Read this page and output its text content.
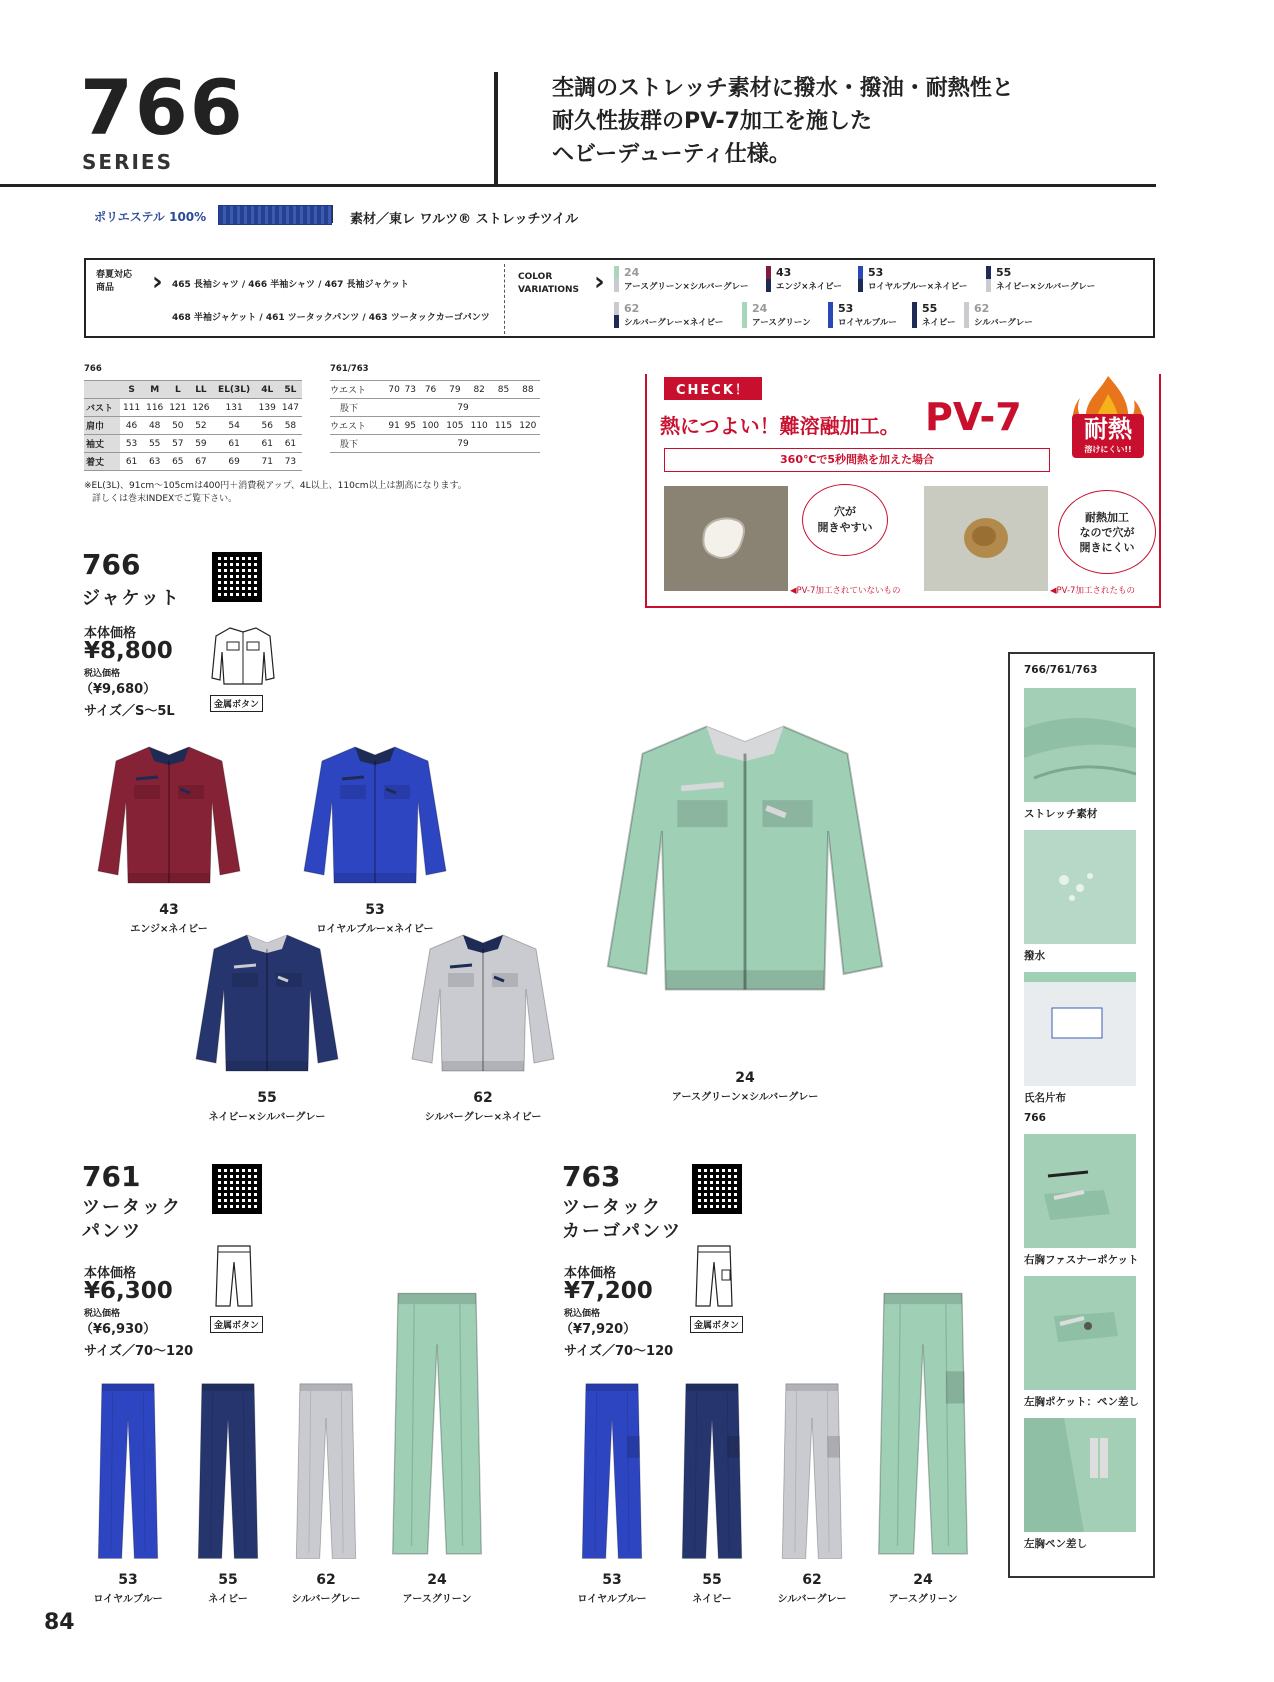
766
SERIES
杢調のストレッチ素材に撥水・撥油・耐熱性と
耐久性抜群のPV-7加工を施した
ヘビーデューティ仕様。
ポリエステル 100%	素材／東レ ワルツ® ストレッチツイル
春夏対応
商品	› 465 長袖シャツ / 466 半袖シャツ / 467 長袖ジャケット
468 半袖ジャケット / 461 ツータックパンツ / 463 ツータックカーゴパンツ
COLOR
VARIATIONS › 24
アースグリーン×シルバーグレー
43
エンジ×ネイビー
53
ロイヤルブルー×ネイビー
55
ネイビー×シルバーグレー
62
シルバーグレー×ネイビー
24
アースグリーン
53
ロイヤルブルー
55
ネイビー
62
シルバーグレー
766
	S	M	L	LL	EL(3L)	4L	5L
バスト	111	116	121	126	131	139	147
肩巾	46	48	50	52	54	56	58
袖丈	53	55	57	59	61	61	61
着丈	61	63	65	67	69	71	73
761/763
ウエスト	70	73	76	79	82	85	88
股下	79						
ウエスト	91	95	100	105	110	115	120
股下	79						
※EL(3L)、91cm～105cmは400円＋消費税アップ、4L以上、110cm以上は割高になります。
詳しくは巻末INDEXでご覧下さい。
CHECK！
熱につよい！難溶融加工。 PV-7	耐熱
溶けにくい!!
360℃で5秒間熱を加えた場合
穴が
開きやすい
◀PV-7加工されていないもの
耐熱加工
なので穴が
開きにくい
◀PV-7加工されたもの
766
ジャケット
本体価格
¥8,800
税込価格
（¥9,680）
金属ボタン
サイズ／S～5L
43
エンジ×ネイビー
53
ロイヤルブルー×ネイビー
55
ネイビー×シルバーグレー
62
シルバーグレー×ネイビー
24
アースグリーン×シルバーグレー
761
ツータック
パンツ
本体価格
¥6,300
税込価格
（¥6,930）
サイズ／70～120
金属ボタン
763
ツータック
カーゴパンツ
本体価格
¥7,200
税込価格
（¥7,920）
サイズ／70～120
金属ボタン
53
ロイヤルブルー
55
ネイビー
62
シルバーグレー
24
アースグリーン
53
ロイヤルブルー
55
ネイビー
62
シルバーグレー
24
アースグリーン
766/761/763
ストレッチ素材
撥水
氏名片布
766
右胸ファスナーポケット
左胸ポケット：ペン差し
左胸ペン差し
84
